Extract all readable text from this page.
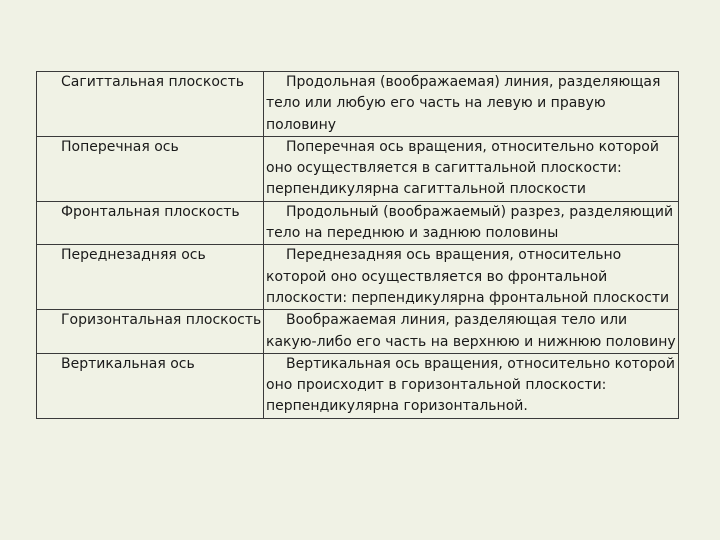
Сагиттальная плоскость	Продольная (воображаемая) линия, разделяющая тело или любую его часть на левую и правую половину
Поперечная ось	Поперечная ось вращения, относительно которой оно осуществляется в сагиттальной плоскости: перпендикулярна сагиттальной плоскости
Фронтальная плоскость	Продольный (воображаемый) разрез, разделяющий тело на переднюю и заднюю половины
Переднезадняя ось	Переднезадняя ось вращения, относительно которой оно осуществляется во фронтальной плоскости: перпендикулярна фронтальной плоскости
Горизонтальная плоскость	Воображаемая линия, разделяющая тело или какую-либо его часть на верхнюю и нижнюю половину
Вертикальная ось	Вертикальная ось вращения, относительно которой оно происходит в горизонтальной плоскости: перпендикулярна горизонтальной.
